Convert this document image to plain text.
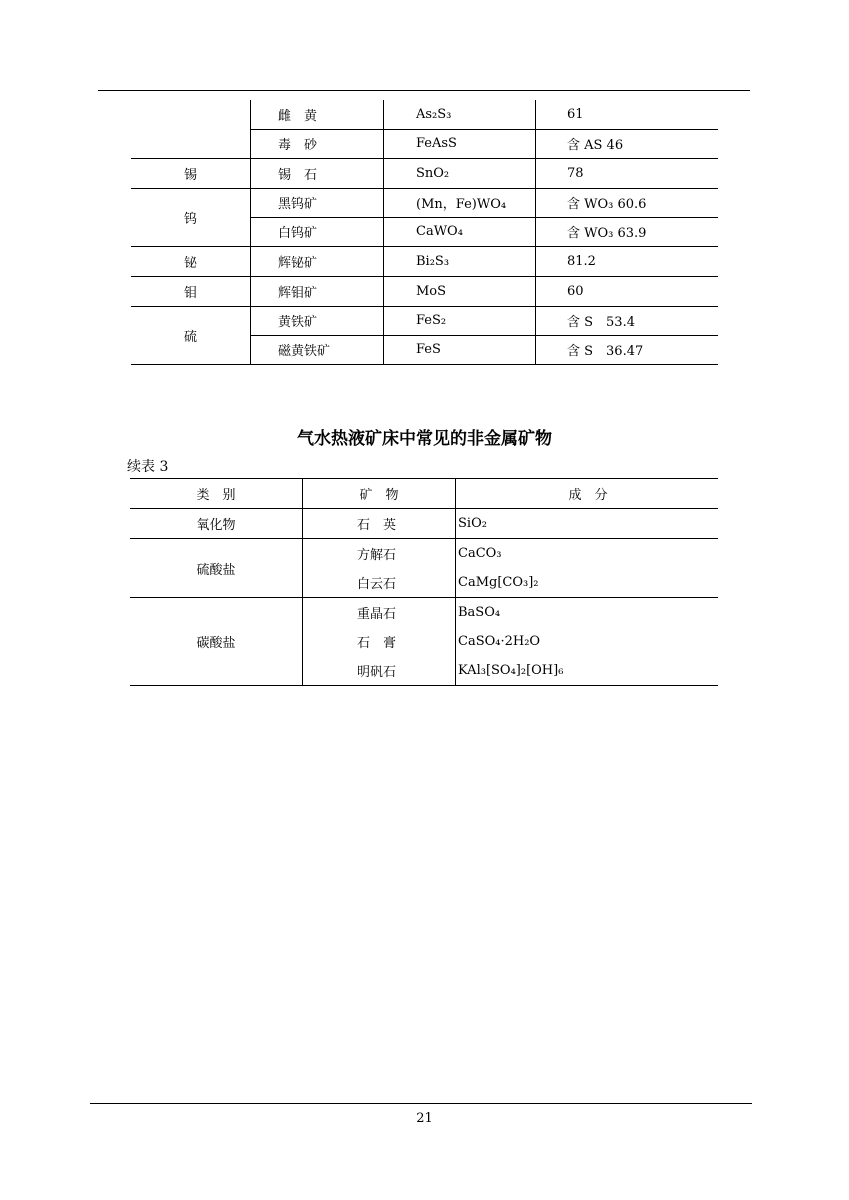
	雌　黄	As₂S₃	61
	毒　砂	FeAsS	含 AS 46
锡	锡　石	SnO₂	78
钨	黑钨矿	(Mn，Fe)WO₄	含 WO₃ 60.6
	白钨矿	CaWO₄	含 WO₃ 63.9
铋	辉铋矿	Bi₂S₃	81.2
钼	辉钼矿	MoS	60
硫	黄铁矿	FeS₂	含 S　53.4
	磁黄铁矿	FeS	含 S　36.47
气水热液矿床中常见的非金属矿物
续表 3
类　别	矿　物	成　分
氧化物	石　英	SiO₂
硫酸盐	方解石	CaCO₃
	白云石	CaMg[CO₃]₂
碳酸盐	重晶石	BaSO₄
	石　膏	CaSO₄·2H₂O
	明矾石	KAl₃[SO₄]₂[OH]₆
21
